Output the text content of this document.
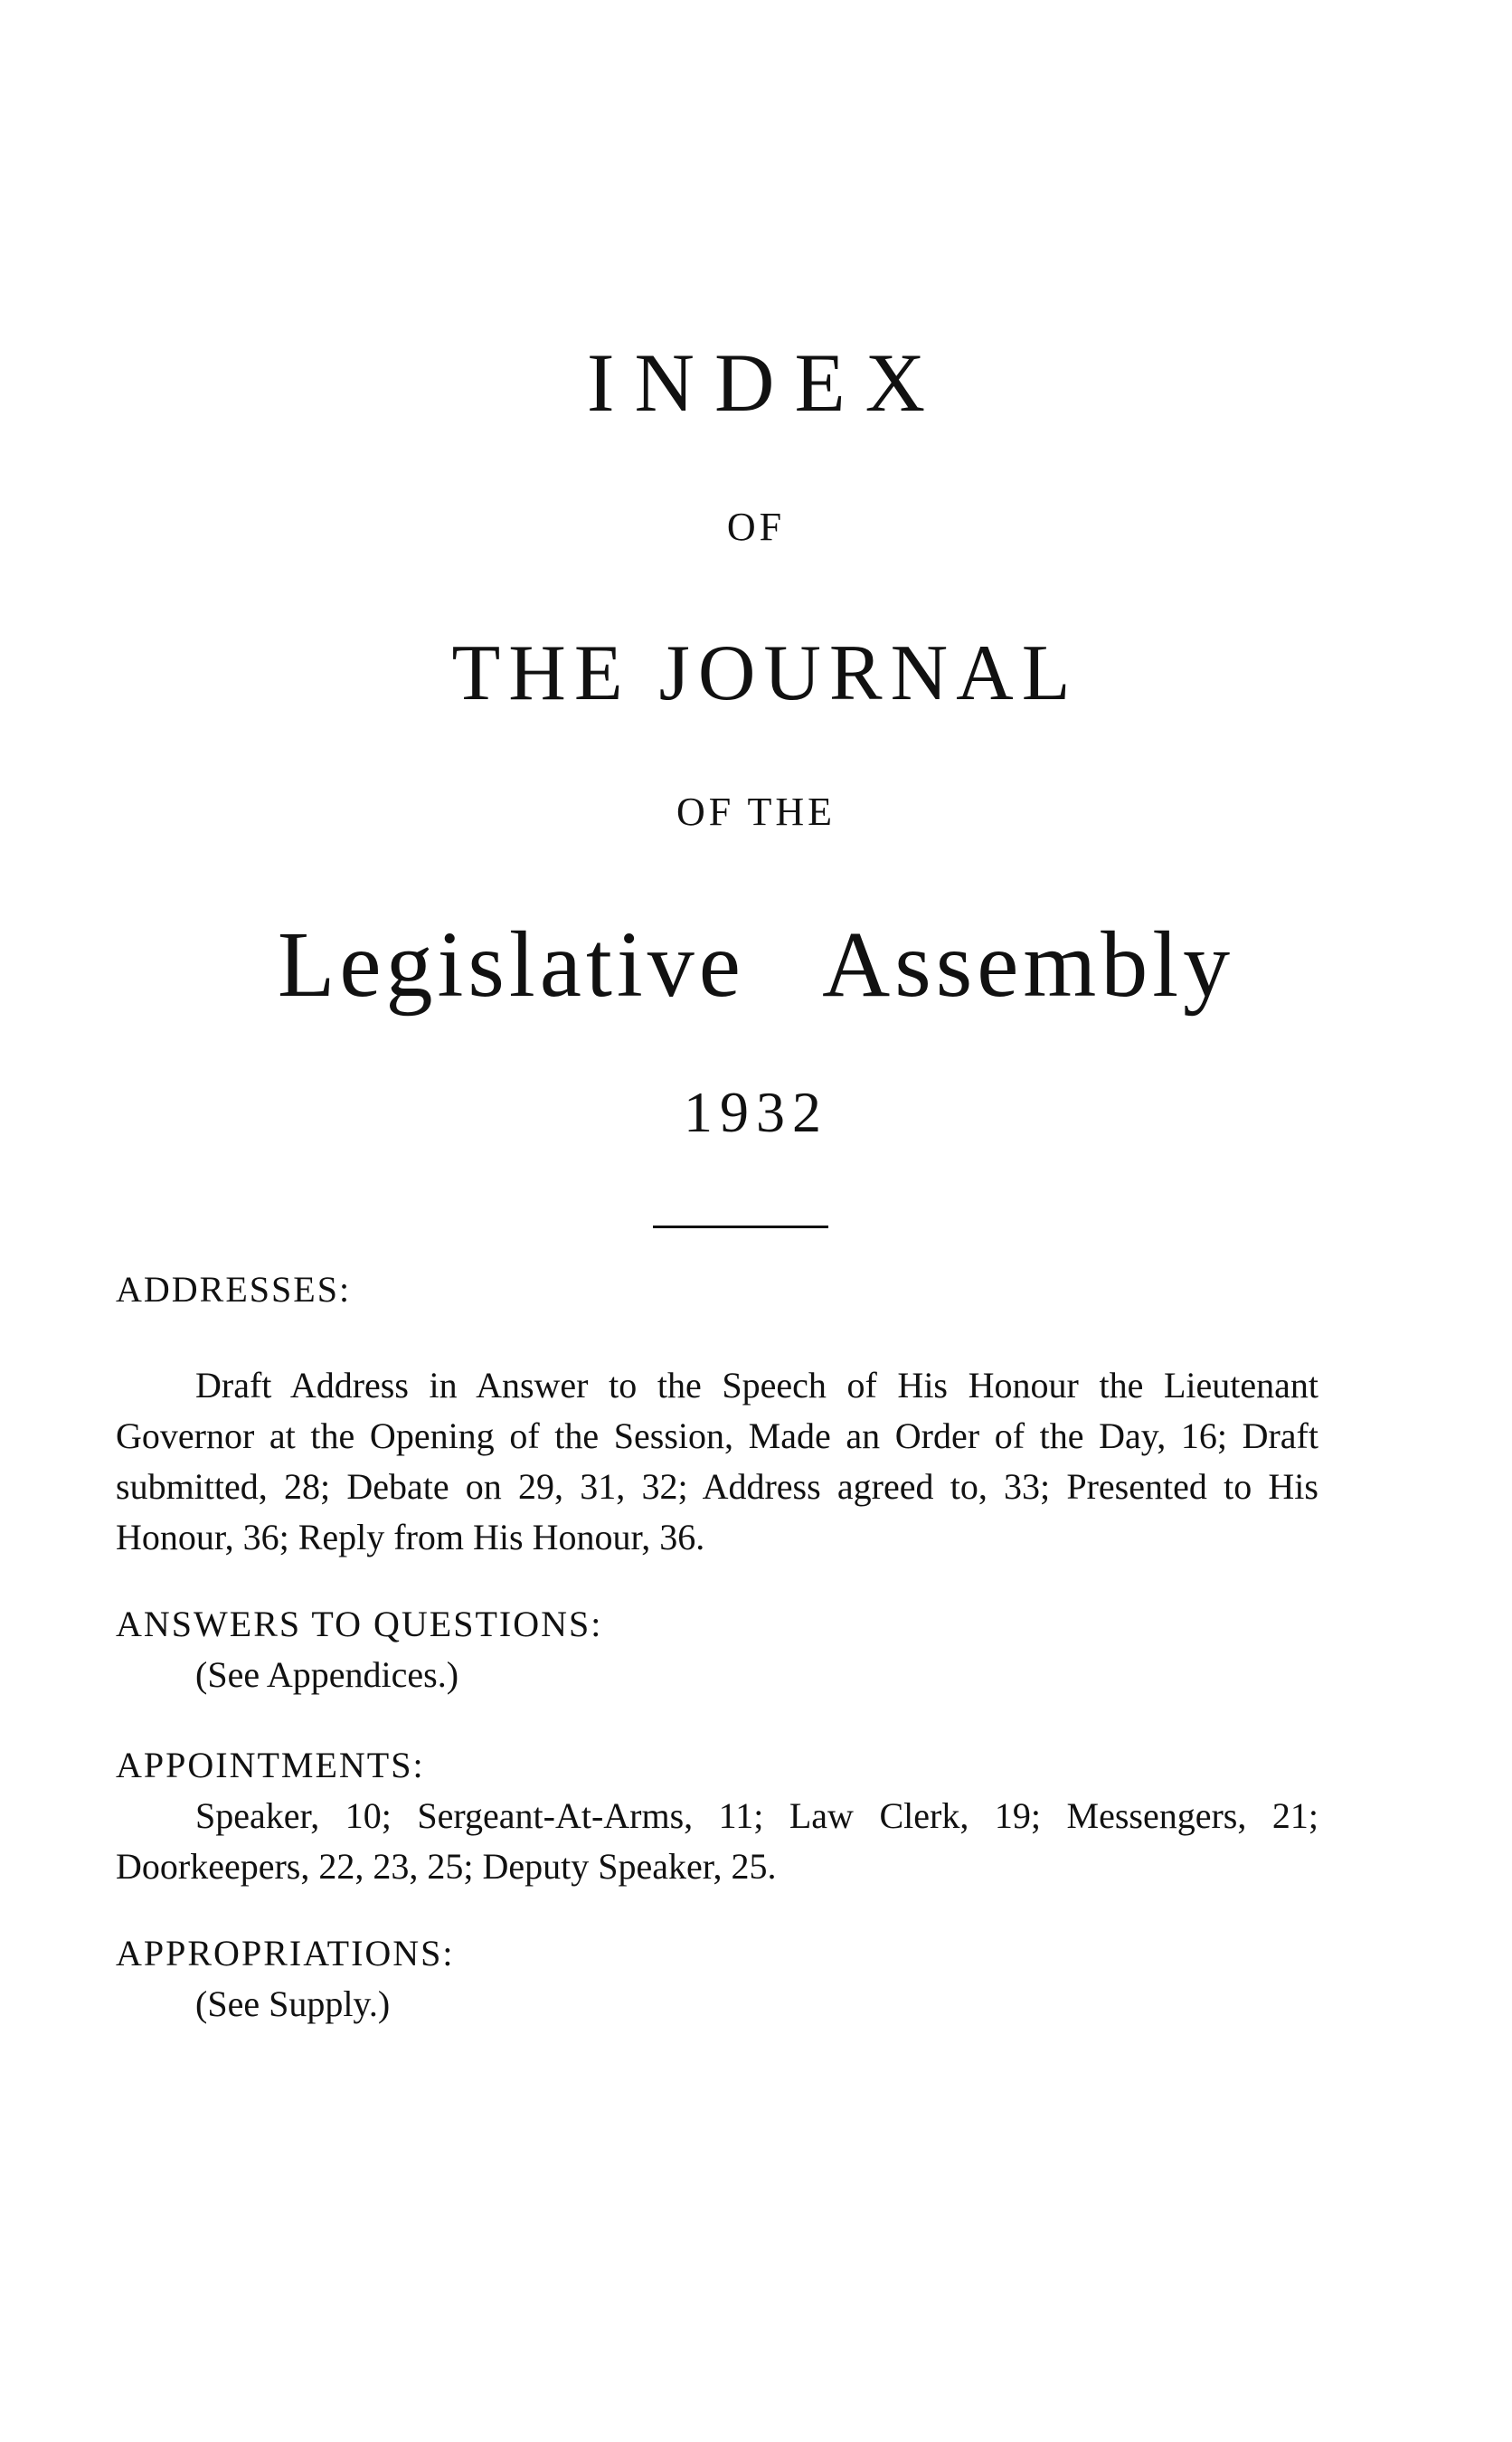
INDEX
OF
THE JOURNAL
OF THE
Legislative Assembly
1932
ADDRESSES:

Draft Address in Answer to the Speech of His Honour the Lieutenant Governor at the Opening of the Session, Made an Order of the Day, 16; Draft submitted, 28; Debate on 29, 31, 32; Address agreed to, 33; Presented to His Honour, 36; Reply from His Honour, 36.

ANSWERS TO QUESTIONS:

(See Appendices.)

APPOINTMENTS:

Speaker, 10; Sergeant-At-Arms, 11; Law Clerk, 19; Messengers, 21; Doorkeepers, 22, 23, 25; Deputy Speaker, 25.

APPROPRIATIONS:

(See Supply.)
